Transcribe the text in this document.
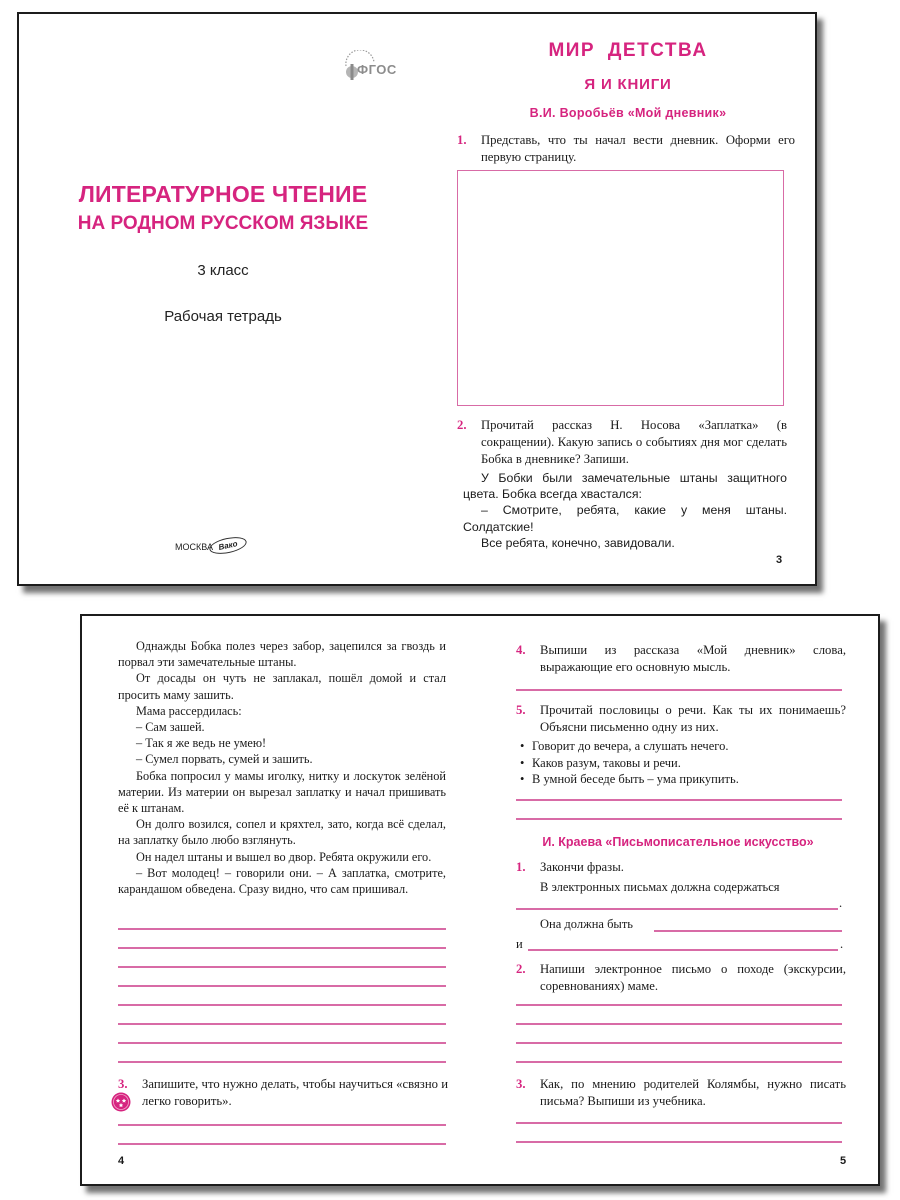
ФГОС
ЛИТЕРАТУРНОЕ ЧТЕНИЕ
НА РОДНОМ РУССКОМ ЯЗЫКЕ
3 класс
Рабочая тетрадь
МОСКВА Вако
МИР ДЕТСТВА
Я И КНИГИ
В.И. Воробьёв «Мой дневник»
1.	Представь, что ты начал вести дневник. Оформи его первую страницу.
2.	Прочитай рассказ Н. Носова «Заплатка» (в сокращении). Какую запись о событиях дня мог сделать Бобка в дневнике? Запиши.

У Бобки были замечательные штаны защитного цвета. Бобка всегда хвастался:

– Смотрите, ребята, какие у меня штаны. Солдатские!

Все ребята, конечно, завидовали.

3

Однажды Бобка полез через забор, зацепился за гвоздь и порвал эти замечательные штаны.

От досады он чуть не заплакал, пошёл домой и стал просить маму зашить.

Мама рассердилась:

– Сам зашей.

– Так я же ведь не умею!

– Сумел порвать, сумей и зашить.

Бобка попросил у мамы иголку, нитку и лоскуток зелёной материи. Из материи он вырезал заплатку и начал пришивать её к штанам.

Он долго возился, сопел и кряхтел, зато, когда всё сделал, на заплатку было любо взглянуть.

Он надел штаны и вышел во двор. Ребята окружили его.

– Вот молодец! – говорили они. – А заплатка, смотрите, карандашом обведена. Сразу видно, что сам пришивал.

3.	Запишите, что нужно делать, чтобы научиться «связно и легко говорить».
4
4.	Выпиши из рассказа «Мой дневник» слова, выражающие его основную мысль.
5.	Прочитай пословицы о речи. Как ты их понимаешь? Объясни письменно одну из них.
• Говорит до вечера, а слушать нечего.
• Каков разум, таковы и речи.
• В умной беседе быть – ума прикупить.
И. Краева «Письмописательное искусство»
1.	Закончи фразы.
В электронных письмах должна содержаться
.
Она должна быть
и	.
2.	Напиши электронное письмо о походе (экскурсии, соревнованиях) маме.
3.	Как, по мнению родителей Колямбы, нужно писать письма? Выпиши из учебника.
5
